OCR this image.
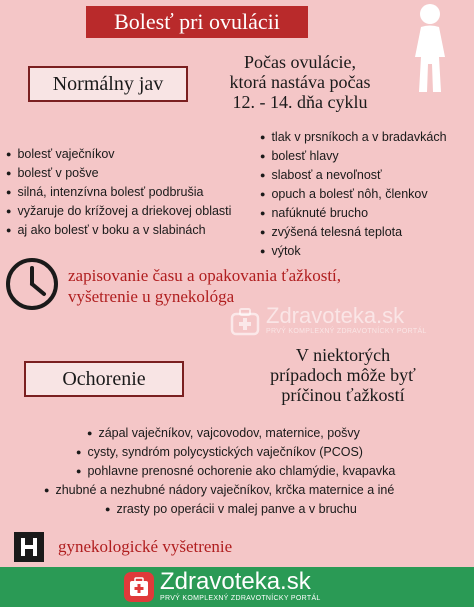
Bolesť pri ovulácii
Normálny jav
Počas ovulácie,
ktorá nastáva počas
12. - 14. dňa cyklu
● bolesť vaječníkov
● bolesť v pošve
● silná, intenzívna bolesť podbrušia
● vyžaruje do krížovej a driekovej oblasti
● aj ako bolesť v boku a v slabinách
● tlak v prsníkoch a v bradavkách
● bolesť hlavy
● slabosť a nevoľnosť
● opuch a bolesť nôh, členkov
● nafúknuté brucho
● zvýšená telesná teplota
● výtok
zapisovanie času a opakovania ťažkostí,
vyšetrenie u gynekológa
Zdravoteka.sk
PRVÝ KOMPLEXNÝ ZDRAVOTNÍCKY PORTÁL
Ochorenie
V niektorých
prípadoch môže byť
príčinou ťažkostí
● zápal vaječníkov, vajcovodov, maternice, pošvy
● cysty, syndróm polycystických vaječníkov (PCOS)
● pohlavne prenosné ochorenie ako chlamýdie, kvapavka
● zhubné a nezhubné nádory vaječníkov, krčka maternice a iné
● zrasty po operácii v malej panve a v bruchu
gynekologické vyšetrenie
Zdravoteka.sk
PRVÝ KOMPLEXNÝ ZDRAVOTNÍCKY PORTÁL
